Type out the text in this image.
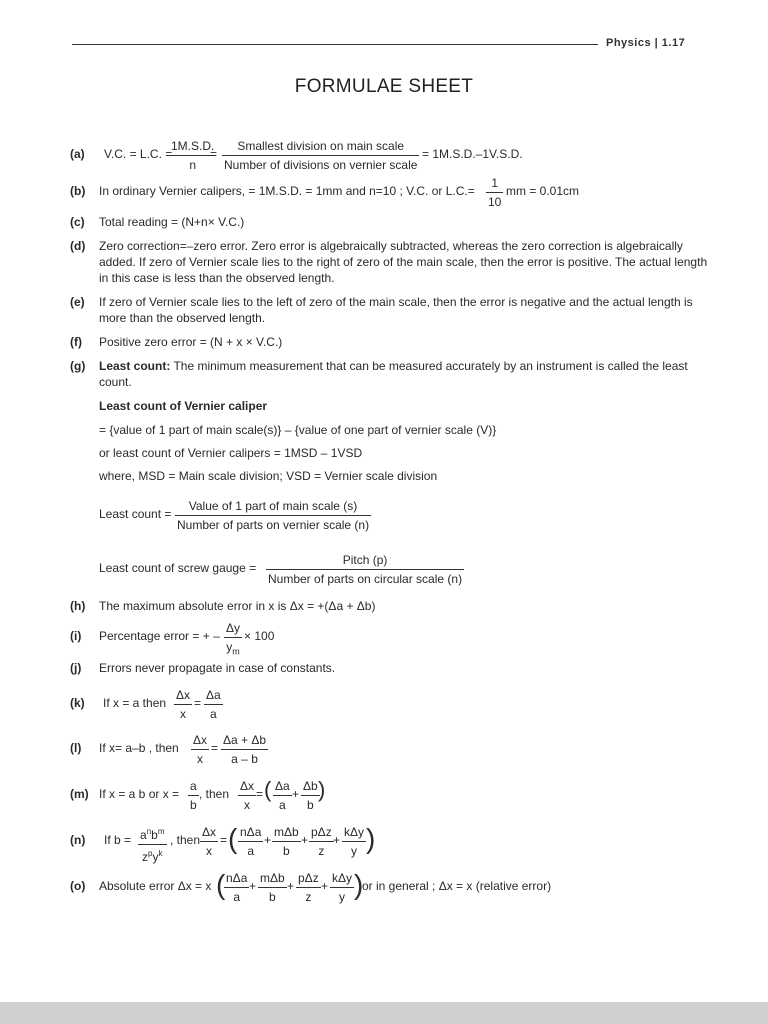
Physics | 1.17
FORMULAE SHEET
(a) V.C. = L.C. =
$\frac{1M.S.D.}{n}$
=
Smallest division on main scale
Number of divisions on vernier scale
= 1M.S.D.–1V.S.D.
(b) In ordinary Vernier calipers, = 1M.S.D. = 1mm and n=10 ; V.C. or $L.C.= \frac{1}{10}$ mm = 0.01cm
(c) Total reading = (N+n× V.C.)
(d) Zero correction=–zero error. Zero error is algebraically subtracted, whereas the zero correction is algebraically added. If zero of Vernier scale lies to the right of zero of the main scale, then the error is positive. The actual length in this case is less than the observed length.
(e) If zero of Vernier scale lies to the left of zero of the main scale, then the error is negative and the actual length is more than the observed length.
(f) Positive zero error = (N + x × V.C.)
(g) Least count: The minimum measurement that can be measured accurately by an instrument is called the least count.
Least count of Vernier caliper
= {value of 1 part of main scale(s)} – {value of one part of vernier scale (V)}
or least count of Vernier calipers = 1MSD – 1VSD
where, MSD = Main scale division; VSD = Vernier scale division
Least count =
Value of 1 part of main scale (s)
Number of parts on vernier scale (n)
Least count of screw gauge =
Pitch (p)
Number of parts on circular scale (n)
(h) The maximum absolute error in x is Δx = +(Δa + Δb)
(i) Percentage error = + – $\frac{\Delta y}{y_m} \times 100$
(j) Errors never propagate in case of constants.
(k) If x = a then $\frac{\Delta x}{x} = \frac{\Delta a}{a}$
(l) If x= a–b , then $\frac{\Delta x}{x} = \frac{\Delta a + \Delta b}{a - b}$
(m) If x = a b or $x = \frac{a}{b}$ , then $\frac{\Delta x}{x}$ = ( $\frac{\Delta a}{a} + \frac{\Delta b}{b}$
)
(n) If $b = a^nb^m$
$z^py^k$
, then $\frac{\Delta x}{x}$ = ( nΔa
a
+
mΔb
b
+
pΔz
z
+
kΔy
y )
(o) Absolute error Δx = x ( nΔa
a
+
mΔb
b
+
pΔz
z
+
kΔy
y )
or in general ; Δx = x (relative error)
